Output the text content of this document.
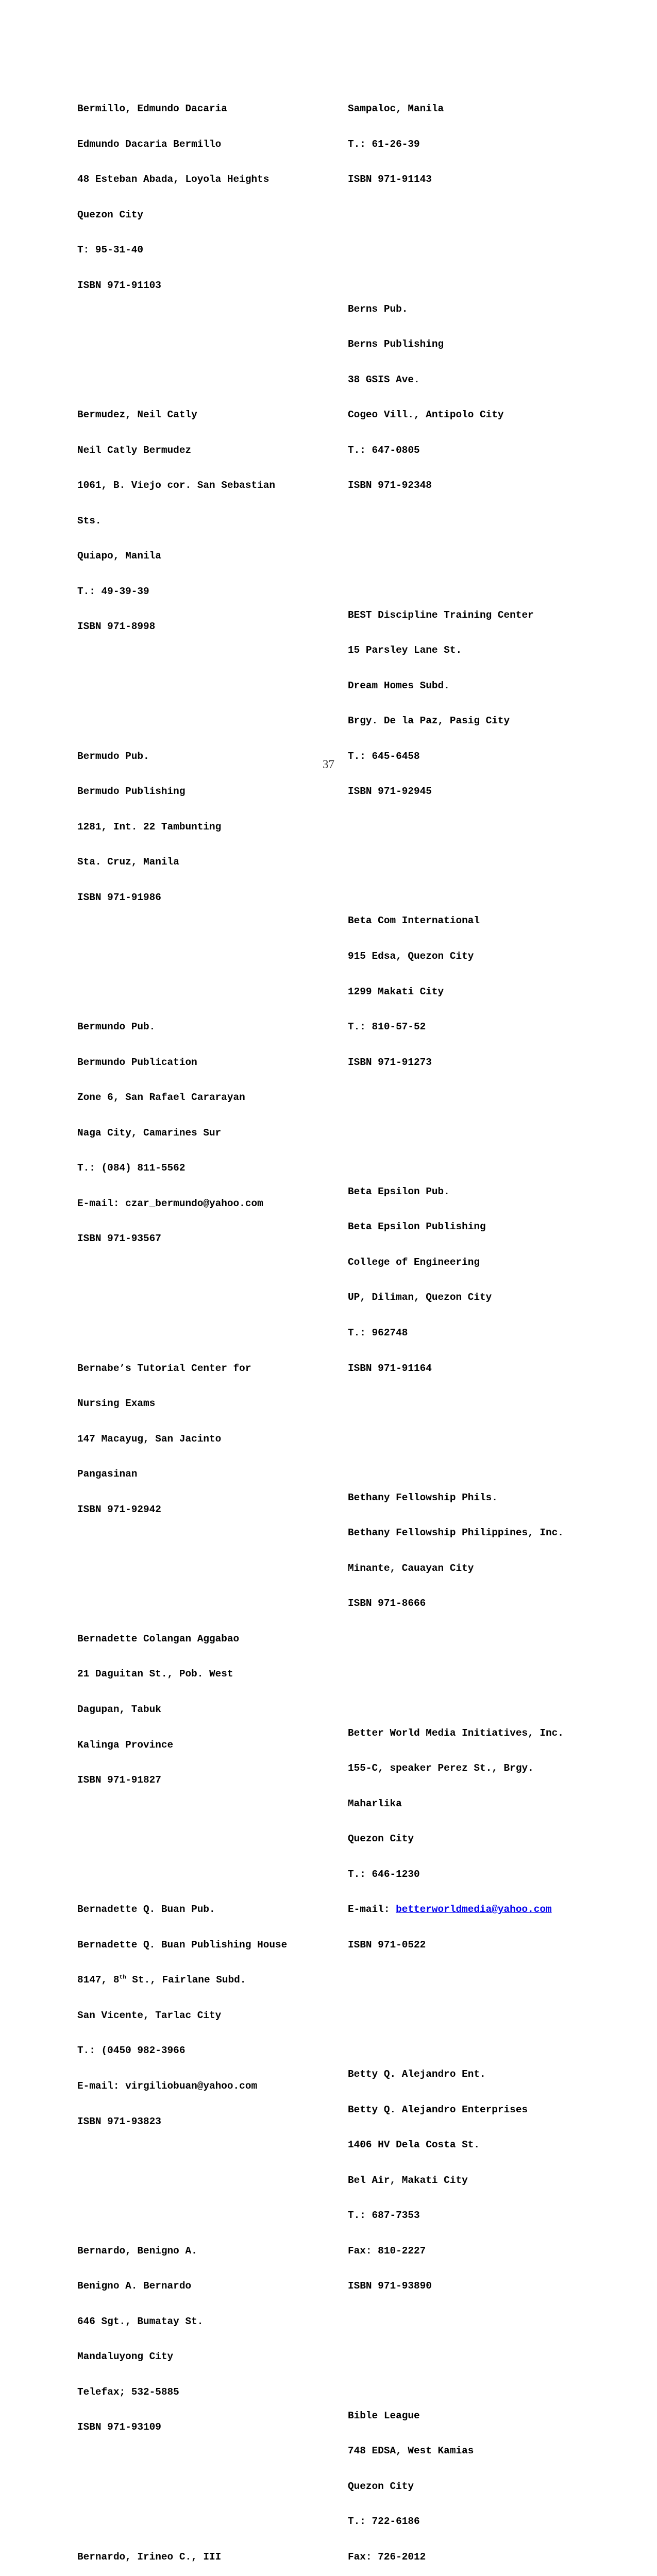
Bermillo, Edmundo Dacaria

Edmundo Dacaria Bermillo

48 Esteban Abada, Loyola Heights

Quezon City

T: 95-31-40

ISBN 971-91103

Bermudez, Neil Catly

Neil Catly Bermudez

1061, B. Viejo cor. San Sebastian

Sts.

Quiapo, Manila

T.: 49-39-39

ISBN 971-8998

Bermudo Pub.

Bermudo Publishing

1281, Int. 22 Tambunting

Sta. Cruz, Manila

ISBN 971-91986

Bermundo Pub.

Bermundo Publication

Zone 6, San Rafael Cararayan

Naga City, Camarines Sur

T.: (084) 811-5562

E-mail: czar_bermundo@yahoo.com

ISBN 971-93567

Bernabe’s Tutorial Center for

Nursing Exams

147 Macayug, San Jacinto

Pangasinan

ISBN 971-92942

Bernadette Colangan Aggabao

21 Daguitan St., Pob. West

Dagupan, Tabuk

Kalinga Province

ISBN 971-91827

Bernadette Q. Buan Pub.

Bernadette Q. Buan Publishing House

8147, 8th St., Fairlane Subd.

San Vicente, Tarlac City

T.: (0450 982-3966

E-mail: virgiliobuan@yahoo.com

ISBN 971-93823

Bernardo, Benigno A.

Benigno A. Bernardo

646 Sgt., Bumatay St.

Mandaluyong City

Telefax; 532-5885

ISBN 971-93109

Bernardo, Irineo C., III

Sampaloc, Manila

T.: 61-26-39

ISBN 971-91143

Berns Pub.

Berns Publishing

38 GSIS Ave.

Cogeo Vill., Antipolo City

T.: 647-0805

ISBN 971-92348

BEST Discipline Training Center

15 Parsley Lane St.

Dream Homes Subd.

Brgy. De la Paz, Pasig City

T.: 645-6458

ISBN 971-92945

Beta Com International

915 Edsa, Quezon City

1299 Makati City

T.: 810-57-52

ISBN 971-91273

Beta Epsilon Pub.

Beta Epsilon Publishing

College of Engineering

UP, Diliman, Quezon City

T.: 962748

ISBN 971-91164

Bethany Fellowship Phils.

Bethany Fellowship Philippines, Inc.

Minante, Cauayan City

ISBN 971-8666

Better World Media Initiatives, Inc.

155-C, speaker Perez St., Brgy.

Maharlika

Quezon City

T.: 646-1230

E-mail: betterworldmedia@yahoo.com

ISBN 971-0522

Betty Q. Alejandro Ent.

Betty Q. Alejandro Enterprises

1406 HV Dela Costa St.

Bel Air, Makati City

T.: 687-7353

Fax: 810-2227

ISBN 971-93890

Bible League

748 EDSA, West Kamias

Quezon City

T.: 722-6186

Fax: 726-2012

37
